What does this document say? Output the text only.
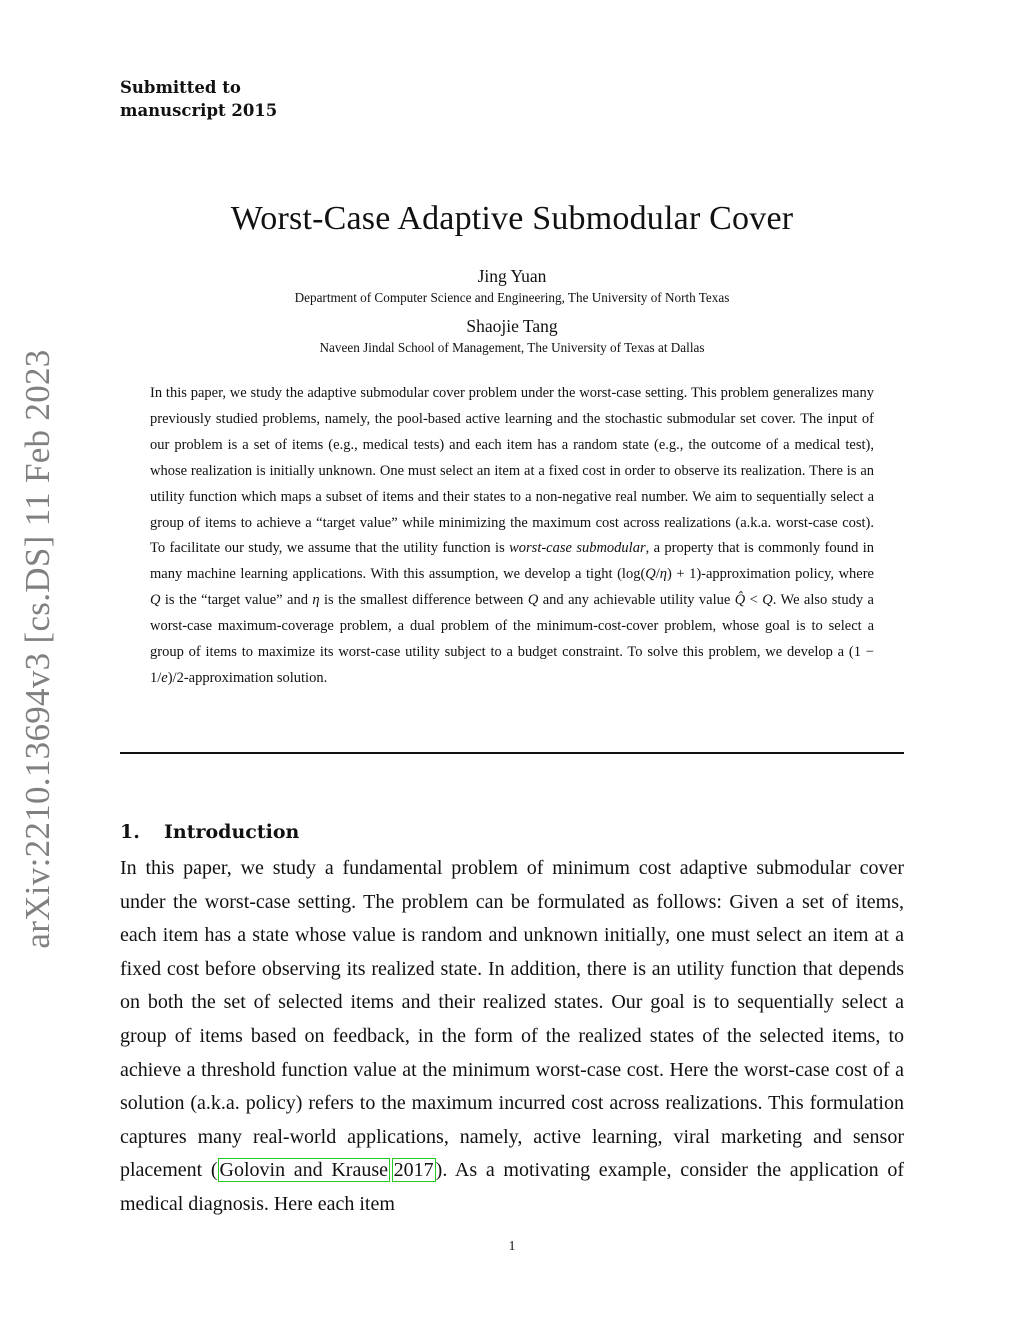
arXiv:2210.13694v3 [cs.DS] 11 Feb 2023
Submitted to
manuscript 2015
Worst-Case Adaptive Submodular Cover
Jing Yuan
Department of Computer Science and Engineering, The University of North Texas
Shaojie Tang
Naveen Jindal School of Management, The University of Texas at Dallas

In this paper, we study the adaptive submodular cover problem under the worst-case setting. This problem generalizes many previously studied problems, namely, the pool-based active learning and the stochastic submodular set cover. The input of our problem is a set of items (e.g., medical tests) and each item has a random state (e.g., the outcome of a medical test), whose realization is initially unknown. One must select an item at a fixed cost in order to observe its realization. There is an utility function which maps a subset of items and their states to a non-negative real number. We aim to sequentially select a group of items to achieve a “target value” while minimizing the maximum cost across realizations (a.k.a. worst-case cost). To facilitate our study, we assume that the utility function is worst-case submodular, a property that is commonly found in many machine learning applications. With this assumption, we develop a tight (log(Q/η) + 1)-approximation policy, where Q is the “target value” and η is the smallest difference between Q and any achievable utility value Q̂ < Q. We also study a worst-case maximum-coverage problem, a dual problem of the minimum-cost-cover problem, whose goal is to select a group of items to maximize its worst-case utility subject to a budget constraint. To solve this problem, we develop a (1 − 1/e)/2-approximation solution.

1. Introduction

In this paper, we study a fundamental problem of minimum cost adaptive submodular cover under the worst-case setting. The problem can be formulated as follows: Given a set of items, each item has a state whose value is random and unknown initially, one must select an item at a fixed cost before observing its realized state. In addition, there is an utility function that depends on both the set of selected items and their realized states. Our goal is to sequentially select a group of items based on feedback, in the form of the realized states of the selected items, to achieve a threshold function value at the minimum worst-case cost. Here the worst-case cost of a solution (a.k.a. policy) refers to the maximum incurred cost across realizations. This formulation captures many real-world applications, namely, active learning, viral marketing and sensor placement ( Golovin and Krause  2017 ). As a motivating example, consider the application of medical diagnosis. Here each item

1
